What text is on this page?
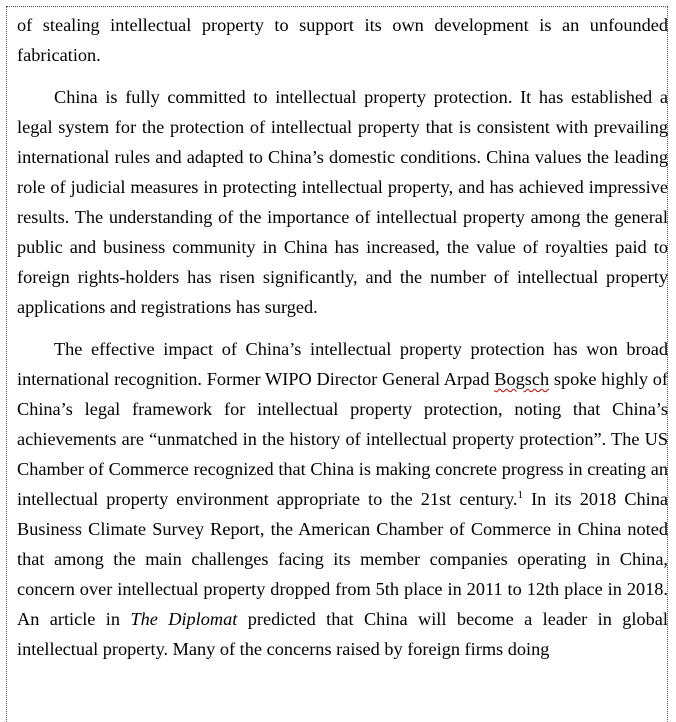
of stealing intellectual property to support its own development is an unfounded fabrication.

China is fully committed to intellectual property protection. It has established a legal system for the protection of intellectual property that is consistent with prevailing international rules and adapted to China’s domestic conditions. China values the leading role of judicial measures in protecting intellectual property, and has achieved impressive results. The understanding of the importance of intellectual property among the general public and business community in China has increased, the value of royalties paid to foreign rights-holders has risen significantly, and the number of intellectual property applications and registrations has surged.

The effective impact of China’s intellectual property protection has won broad international recognition. Former WIPO Director General Arpad Bogsch spoke highly of China’s legal framework for intellectual property protection, noting that China’s achievements are “unmatched in the history of intellectual property protection”. The US Chamber of Commerce recognized that China is making concrete progress in creating an intellectual property environment appropriate to the 21st century.$^1$ In its 2018 China Business Climate Survey Report, the American Chamber of Commerce in China noted that among the main challenges facing its member companies operating in China, concern over intellectual property dropped from 5th place in 2011 to 12th place in 2018. An article in The Diplomat predicted that China will become a leader in global intellectual property. Many of the concerns raised by foreign firms doing
